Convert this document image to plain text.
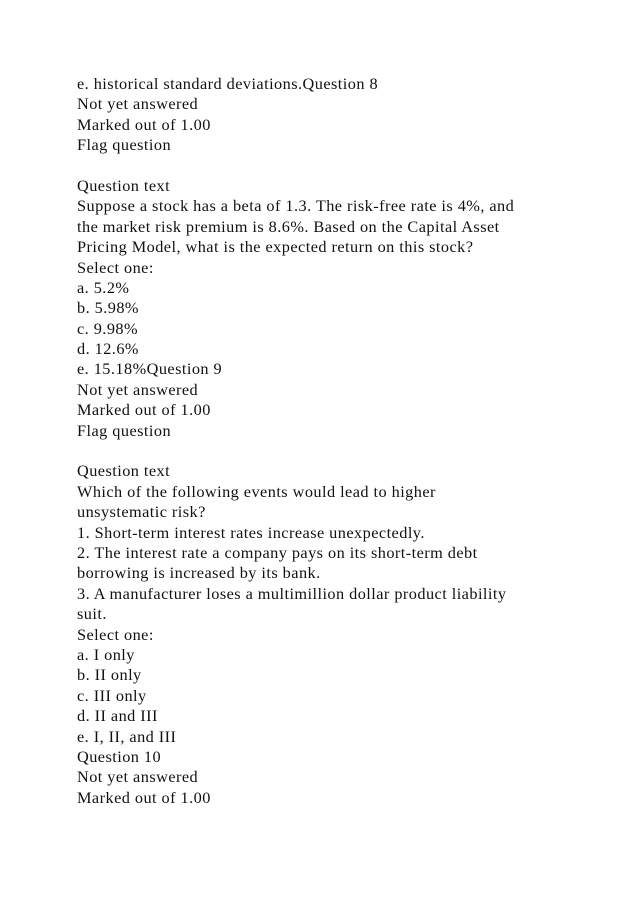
e. historical standard deviations.Question 8
Not yet answered
Marked out of 1.00
Flag question
Question text
Suppose a stock has a beta of 1.3. The risk-free rate is 4%, and
the market risk premium is 8.6%. Based on the Capital Asset
Pricing Model, what is the expected return on this stock?
Select one:
a. 5.2%
b. 5.98%
c. 9.98%
d. 12.6%
e. 15.18%Question 9
Not yet answered
Marked out of 1.00
Flag question
Question text
Which of the following events would lead to higher
unsystematic risk?
1. Short-term interest rates increase unexpectedly.
2. The interest rate a company pays on its short-term debt
borrowing is increased by its bank.
3. A manufacturer loses a multimillion dollar product liability
suit.
Select one:
a. I only
b. II only
c. III only
d. II and III
e. I, II, and III
Question 10
Not yet answered
Marked out of 1.00
